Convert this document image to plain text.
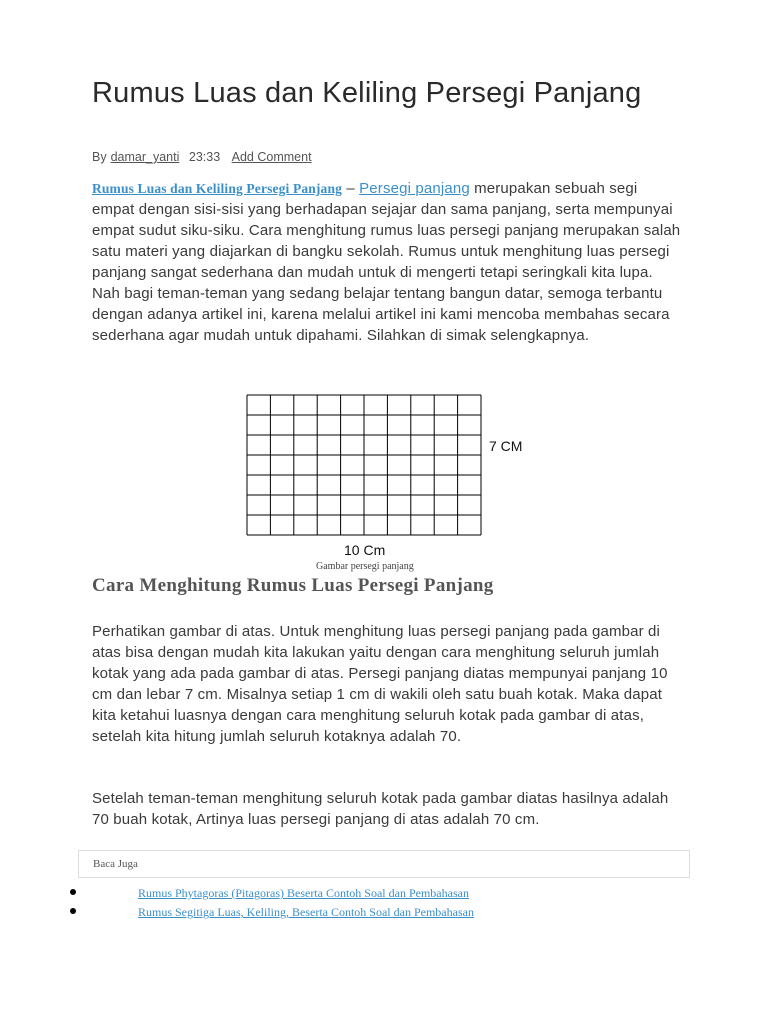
Rumus Luas dan Keliling Persegi Panjang
By damar_yanti 23:33 Add Comment

Rumus Luas dan Keliling Persegi Panjang – Persegi panjang merupakan sebuah segi empat dengan sisi-sisi yang berhadapan sejajar dan sama panjang, serta mempunyai empat sudut siku-siku. Cara menghitung rumus luas persegi panjang merupakan salah satu materi yang diajarkan di bangku sekolah. Rumus untuk menghitung luas persegi panjang sangat sederhana dan mudah untuk di mengerti tetapi seringkali kita lupa. Nah bagi teman-teman yang sedang belajar tentang bangun datar, semoga terbantu dengan adanya artikel ini, karena melalui artikel ini kami mencoba membahas secara sederhana agar mudah untuk dipahami. Silahkan di simak selengkapnya.

7 CM
10 Cm
Gambar persegi panjang
Cara Menghitung Rumus Luas Persegi Panjang

Perhatikan gambar di atas. Untuk menghitung luas persegi panjang pada gambar di atas bisa dengan mudah kita lakukan yaitu dengan cara menghitung seluruh jumlah kotak yang ada pada gambar di atas. Persegi panjang diatas mempunyai panjang 10 cm dan lebar 7 cm. Misalnya setiap 1 cm di wakili oleh satu buah kotak. Maka dapat kita ketahui luasnya dengan cara menghitung seluruh kotak pada gambar di atas, setelah kita hitung jumlah seluruh kotaknya adalah 70.

Setelah teman-teman menghitung seluruh kotak pada gambar diatas hasilnya adalah 70 buah kotak, Artinya luas persegi panjang di atas adalah 70 cm.

Baca Juga
Rumus Phytagoras (Pitagoras) Beserta Contoh Soal dan Pembahasan
Rumus Segitiga Luas, Keliling, Beserta Contoh Soal dan Pembahasan
